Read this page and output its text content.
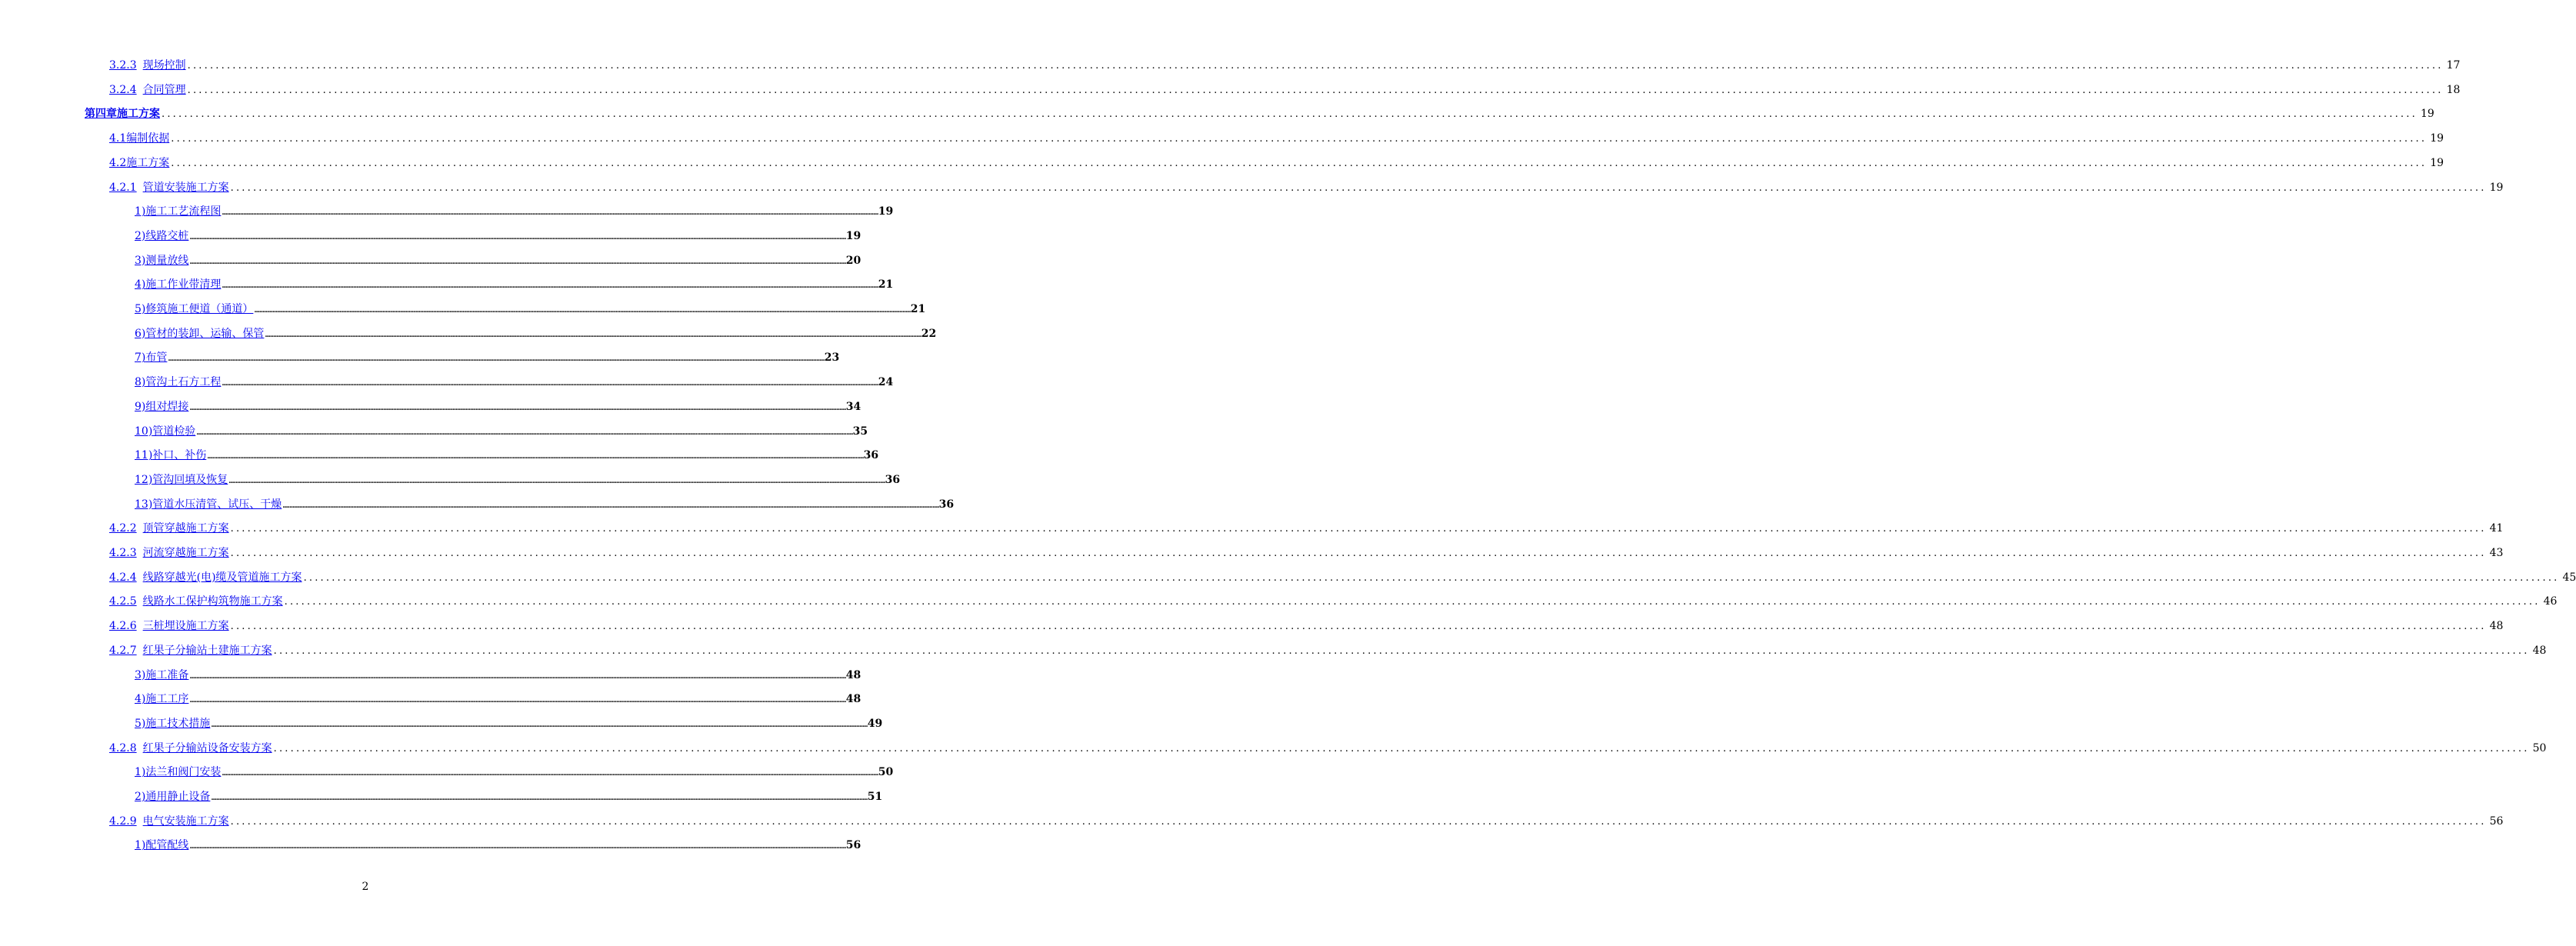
3.2.3 现场控制 ................................................................................................................................................................................................................................................................................................................................................................................................................ 17
3.2.4 合同管理 ................................................................................................................................................................................................................................................................................................................................................................................................................ 18
第四章 施工方案 ................................................................................................................................................................................................................................................................................................................................................................................................................ 19
4.1 编制依据 ................................................................................................................................................................................................................................................................................................................................................................................................................ 19
4.2 施工方案 ................................................................................................................................................................................................................................................................................................................................................................................................................ 19
4.2.1 管道安装施工方案 ................................................................................................................................................................................................................................................................................................................................................................................................................ 19
1) 施工工艺流程图 ................................................................................................................................................................................................................................................................................................................................................................................................................ 19
2) 线路交桩 ................................................................................................................................................................................................................................................................................................................................................................................................................ 19
3) 测量放线 ................................................................................................................................................................................................................................................................................................................................................................................................................ 20
4) 施工作业带清理 ................................................................................................................................................................................................................................................................................................................................................................................................................ 21
5) 修筑施工便道（通道） ................................................................................................................................................................................................................................................................................................................................................................................................................ 21
6) 管材的装卸、运输、保管 ................................................................................................................................................................................................................................................................................................................................................................................................................ 22
7) 布管 ................................................................................................................................................................................................................................................................................................................................................................................................................ 23
8) 管沟土石方工程 ................................................................................................................................................................................................................................................................................................................................................................................................................ 24
9) 组对焊接 ................................................................................................................................................................................................................................................................................................................................................................................................................ 34
10) 管道检验 ................................................................................................................................................................................................................................................................................................................................................................................................................ 35
11) 补口、补伤 ................................................................................................................................................................................................................................................................................................................................................................................................................ 36
12) 管沟回填及恢复 ................................................................................................................................................................................................................................................................................................................................................................................................................ 36
13) 管道水压清管、试压、干燥 ................................................................................................................................................................................................................................................................................................................................................................................................................ 36
4.2.2 顶管穿越施工方案 ................................................................................................................................................................................................................................................................................................................................................................................................................ 41
4.2.3 河流穿越施工方案 ................................................................................................................................................................................................................................................................................................................................................................................................................ 43
4.2.4 线路穿越光(电)缆及管道施工方案 ................................................................................................................................................................................................................................................................................................................................................................................................................ 45
4.2.5 线路水工保护构筑物施工方案 ................................................................................................................................................................................................................................................................................................................................................................................................................ 46
4.2.6 三桩埋设施工方案 ................................................................................................................................................................................................................................................................................................................................................................................................................ 48
4.2.7 红果子分输站土建施工方案 ................................................................................................................................................................................................................................................................................................................................................................................................................ 48
3) 施工准备 ................................................................................................................................................................................................................................................................................................................................................................................................................ 48
4) 施工工序 ................................................................................................................................................................................................................................................................................................................................................................................................................ 48
5) 施工技术措施 ................................................................................................................................................................................................................................................................................................................................................................................................................ 49
4.2.8 红果子分输站设备安装方案 ................................................................................................................................................................................................................................................................................................................................................................................................................ 50
1) 法兰和阀门安装 ................................................................................................................................................................................................................................................................................................................................................................................................................ 50
2) 通用静止设备 ................................................................................................................................................................................................................................................................................................................................................................................................................ 51
4.2.9 电气安装施工方案 ................................................................................................................................................................................................................................................................................................................................................................................................................ 56
1) 配管配线 ................................................................................................................................................................................................................................................................................................................................................................................................................ 56
2
